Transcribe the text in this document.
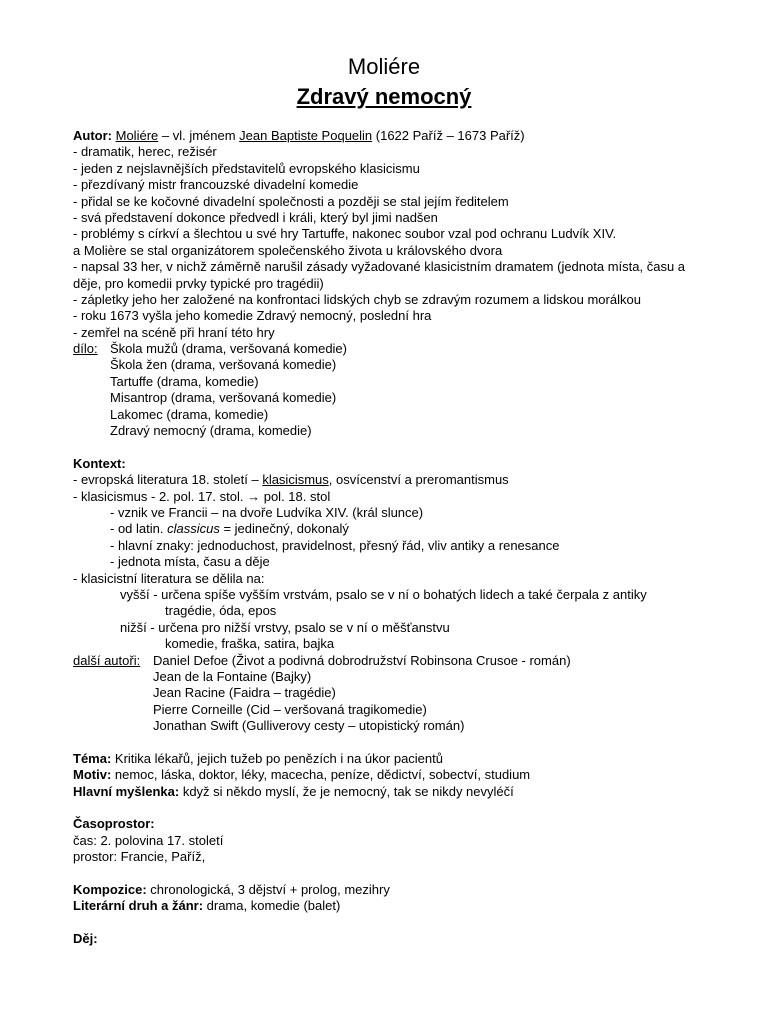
Moliére
Zdravý nemocný
Autor: Moliére – vl. jménem Jean Baptiste Poquelin (1622 Paříž – 1673 Paříž)
- dramatik, herec, režisér
- jeden z nejslavnějších představitelů evropského klasicismu
- přezdívaný mistr francouzské divadelní komedie
- přidal se ke kočovné divadelní společnosti a později se stal jejím ředitelem
- svá představení dokonce předvedl i králi, který byl jimi nadšen
- problémy s církví a šlechtou u své hry Tartuffe, nakonec soubor vzal pod ochranu Ludvík XIV.
a Molière se stal organizátorem společenského života u královského dvora
- napsal 33 her, v nichž záměrně narušil zásady vyžadované klasicistním dramatem (jednota místa, času a
děje, pro komedii prvky typické pro tragédii)
- zápletky jeho her založené na konfrontaci lidských chyb se zdravým rozumem a lidskou morálkou
- roku 1673 vyšla jeho komedie Zdravý nemocný, poslední hra
- zemřel na scéně při hraní této hry
dílo: Škola mužů (drama, veršovaná komedie)
Škola žen (drama, veršovaná komedie)
Tartuffe (drama, komedie)
Misantrop (drama, veršovaná komedie)
Lakomec (drama, komedie)
Zdravý nemocný (drama, komedie)
Kontext:
- evropská literatura 18. století – klasicismus, osvícenství a preromantismus
- klasicismus - 2. pol. 17. stol. → pol. 18. stol
- vznik ve Francii – na dvoře Ludvíka XIV. (král slunce)
- od latin. classicus = jedinečný, dokonalý
- hlavní znaky: jednoduchost, pravidelnost, přesný řád, vliv antiky a renesance
- jednota místa, času a děje
- klasicistní literatura se dělila na:
vyšší - určena spíše vyšším vrstvám, psalo se v ní o bohatých lidech a také čerpala z antiky
tragédie, óda, epos
nižší - určena pro nižší vrstvy, psalo se v ní o měšťanstvu
komedie, fraška, satira, bajka
další autoři: Daniel Defoe (Život a podivná dobrodružství Robinsona Crusoe - román)
Jean de la Fontaine (Bajky)
Jean Racine (Faidra – tragédie)
Pierre Corneille (Cid – veršovaná tragikomedie)
Jonathan Swift (Gulliverovy cesty – utopistický román)
Téma: Kritika lékařů, jejich tužeb po penězích i na úkor pacientů
Motiv: nemoc, láska, doktor, léky, macecha, peníze, dědictví, sobectví, studium
Hlavní myšlenka: když si někdo myslí, že je nemocný, tak se nikdy nevyléčí
Časoprostor:
čas: 2. polovina 17. století
prostor: Francie, Paříž,
Kompozice: chronologická, 3 dějství + prolog, mezihry
Literární druh a žánr: drama, komedie (balet)
Děj:
